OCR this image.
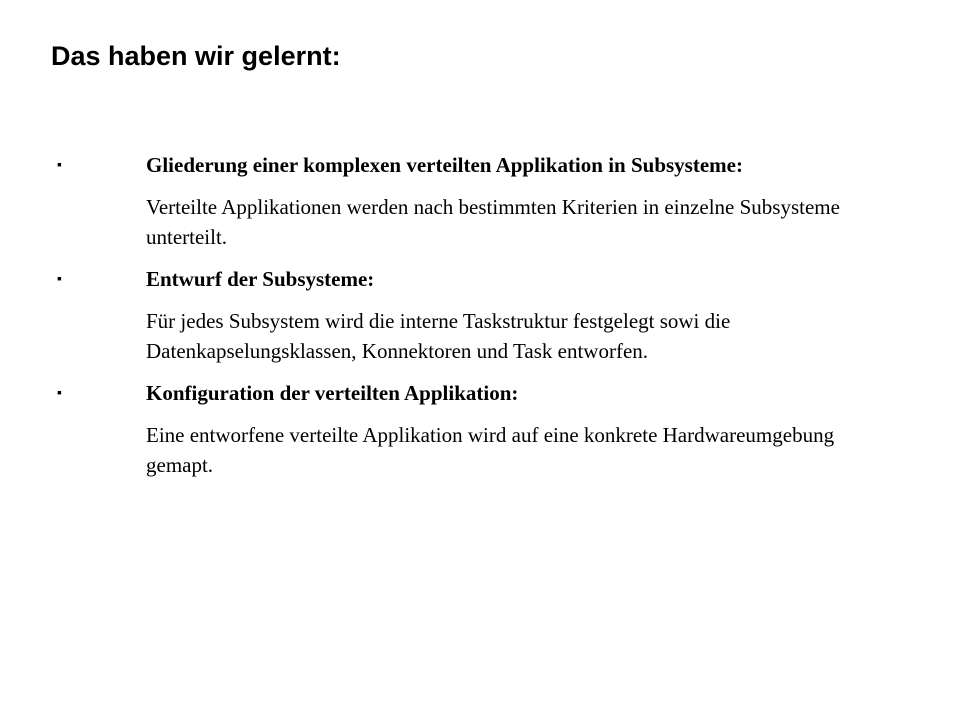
Das haben wir gelernt:
▪	Gliederung einer komplexen verteilten Applikation in Subsysteme:
Verteilte Applikationen werden nach bestimmten Kriterien in einzelne Subsysteme unterteilt.
▪	Entwurf der Subsysteme:
Für jedes Subsystem wird die interne Taskstruktur festgelegt sowi die Datenkapselungsklassen, Konnektoren und Task entworfen.
▪	Konfiguration der verteilten Applikation:
Eine entworfene verteilte Applikation wird auf eine konkrete Hardwareumgebung gemapt.
